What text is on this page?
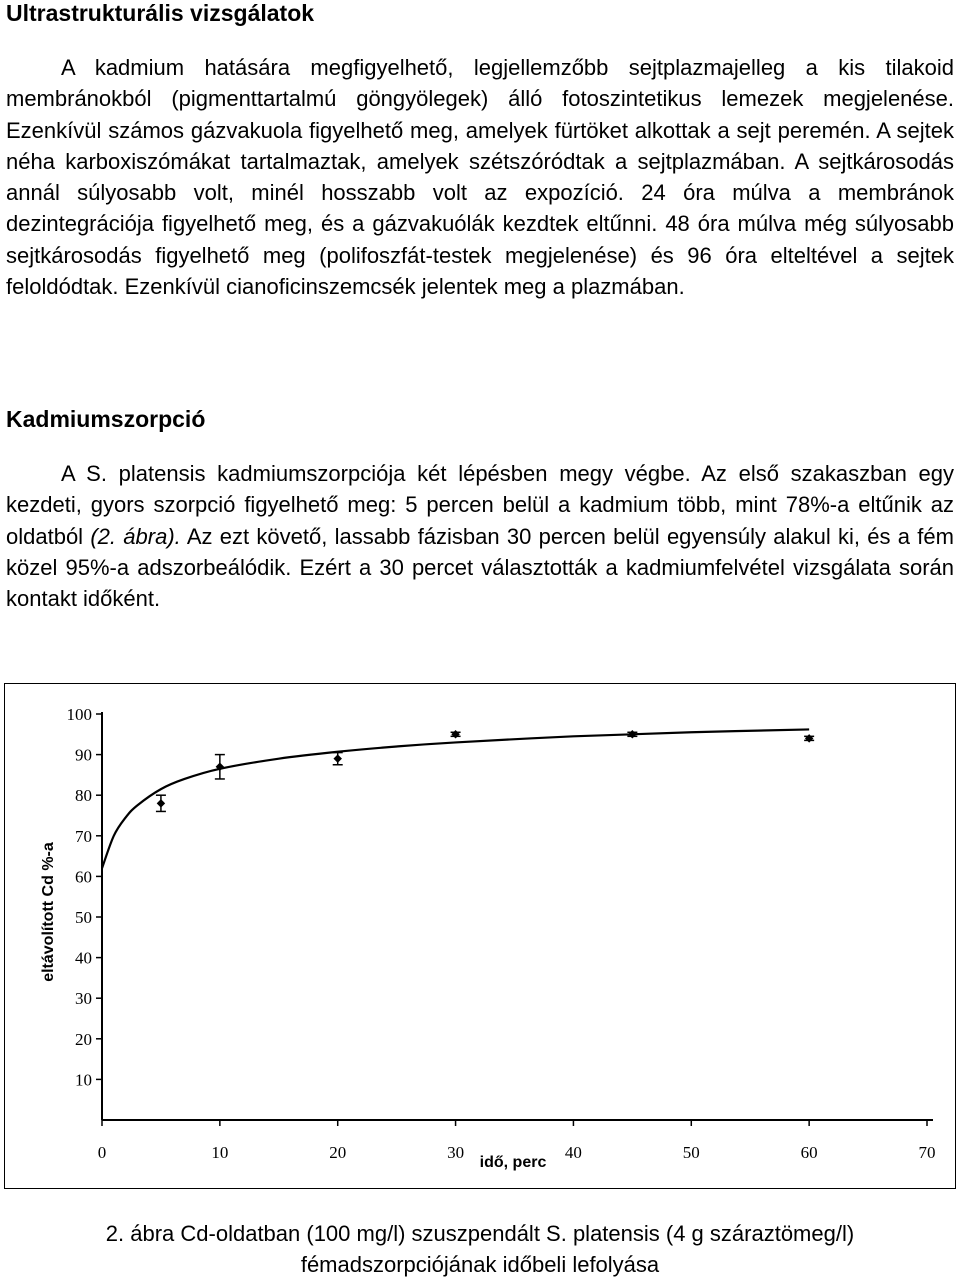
Ultrastrukturális vizsgálatok

A kadmium hatására megfigyelhető, legjellemzőbb sejtplazmajelleg a kis tilakoid membránokból (pigmenttartalmú göngyölegek) álló fotoszintetikus lemezek megjelenése. Ezenkívül számos gázvakuola figyelhető meg, amelyek fürtöket alkottak a sejt peremén. A sejtek néha karboxiszómákat tartalmaztak, amelyek szétszóródtak a sejtplazmában. A sejtkárosodás annál súlyosabb volt, minél hosszabb volt az expozíció. 24 óra múlva a membránok dezintegrációja figyelhető meg, és a gázvakuólák kezdtek eltűnni. 48 óra múlva még súlyosabb sejtkárosodás figyelhető meg (polifoszfát-testek megjelenése) és 96 óra elteltével a sejtek feloldódtak. Ezenkívül cianoficinszemcsék jelentek meg a plazmában.

Kadmiumszorpció

A S. platensis kadmiumszorpciója két lépésben megy végbe. Az első szakaszban egy kezdeti, gyors szorpció figyelhető meg: 5 percen belül a kadmium több, mint 78%-a eltűnik az oldatból (2. ábra). Az ezt követő, lassabb fázisban 30 percen belül egyensúly alakul ki, és a fém közel 95%-a adszorbeálódik. Ezért a 30 percet választották a kadmiumfelvétel vizsgálata során kontakt időként.

10
20
30
40
50
60
70
80
90
100
0	10	20	30	40	50	60	70
eltávolított Cd %-a
idő, perc
2. ábra Cd-oldatban (100 mg/l) szuszpendált S. platensis (4 g száraztömeg/l)
fémadszorpciójának időbeli lefolyása
